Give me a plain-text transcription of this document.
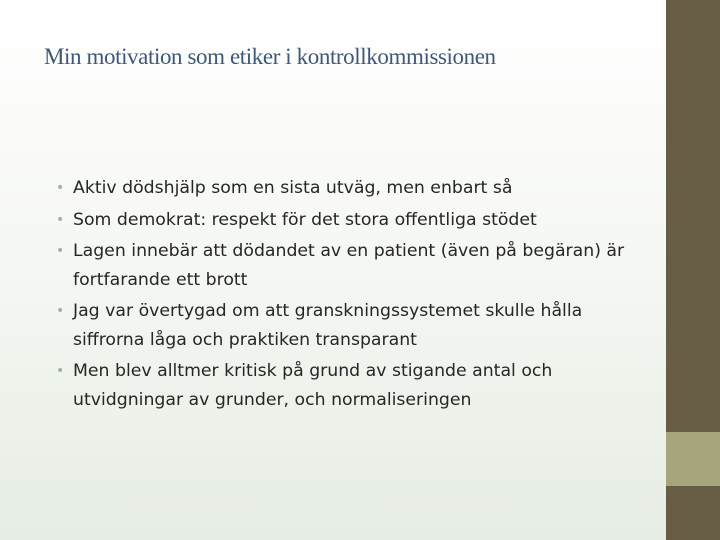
Min motivation som etiker i kontrollkommissionen
• Aktiv dödshjälp som en sista utväg, men enbart så
• Som demokrat: respekt för det stora offentliga stödet
• Lagen innebär att dödandet av en patient (även på begäran) är fortfarande ett brott
• Jag var övertygad om att granskningssystemet skulle hålla siffrorna låga och praktiken transparant
• Men blev alltmer kritisk på grund av stigande antal och utvidgningar av grunder, och normaliseringen
